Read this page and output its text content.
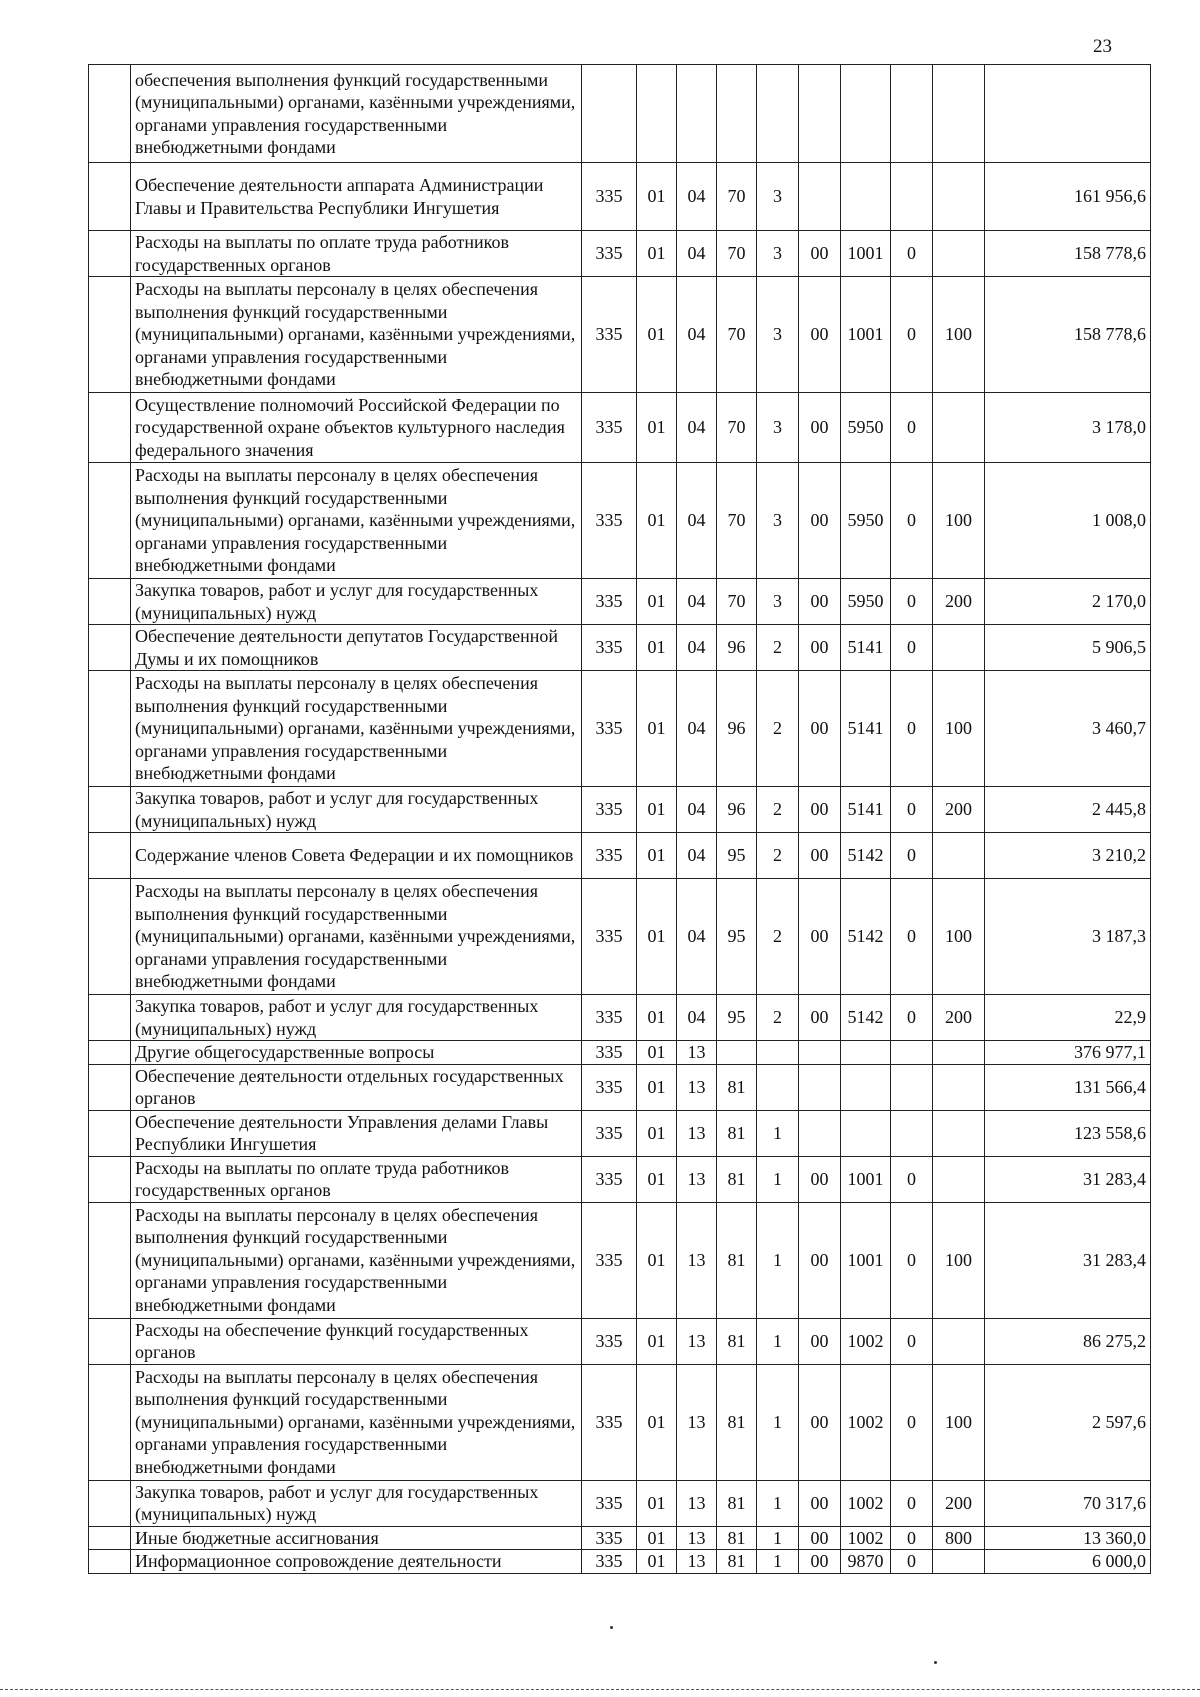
23
	обеспечения выполнения функций государственными (муниципальными) органами, казёнными учреждениями, органами управления государственными внебюджетными фондами										
	Обеспечение деятельности аппарата Администрации Главы и Правительства Республики Ингушетия	335	01	04	70	3					161 956,6
	Расходы на выплаты по оплате труда работников государственных органов	335	01	04	70	3	00	1001	0		158 778,6
	Расходы на выплаты персоналу в целях обеспечения выполнения функций государственными (муниципальными) органами, казёнными учреждениями, органами управления государственными внебюджетными фондами	335	01	04	70	3	00	1001	0	100	158 778,6
	Осуществление полномочий Российской Федерации по государственной охране объектов культурного наследия федерального значения	335	01	04	70	3	00	5950	0		3 178,0
	Расходы на выплаты персоналу в целях обеспечения выполнения функций государственными (муниципальными) органами, казёнными учреждениями, органами управления государственными внебюджетными фондами	335	01	04	70	3	00	5950	0	100	1 008,0
	Закупка товаров, работ и услуг для государственных (муниципальных) нужд	335	01	04	70	3	00	5950	0	200	2 170,0
	Обеспечение деятельности депутатов Государственной Думы и их помощников	335	01	04	96	2	00	5141	0		5 906,5
	Расходы на выплаты персоналу в целях обеспечения выполнения функций государственными (муниципальными) органами, казёнными учреждениями, органами управления государственными внебюджетными фондами	335	01	04	96	2	00	5141	0	100	3 460,7
	Закупка товаров, работ и услуг для государственных (муниципальных) нужд	335	01	04	96	2	00	5141	0	200	2 445,8
	Содержание членов Совета Федерации и их помощников	335	01	04	95	2	00	5142	0		3 210,2
	Расходы на выплаты персоналу в целях обеспечения выполнения функций государственными (муниципальными) органами, казёнными учреждениями, органами управления государственными внебюджетными фондами	335	01	04	95	2	00	5142	0	100	3 187,3
	Закупка товаров, работ и услуг для государственных (муниципальных) нужд	335	01	04	95	2	00	5142	0	200	22,9
	Другие общегосударственные вопросы	335	01	13							376 977,1
	Обеспечение деятельности отдельных государственных органов	335	01	13	81						131 566,4
	Обеспечение деятельности Управления делами Главы Республики Ингушетия	335	01	13	81	1					123 558,6
	Расходы на выплаты по оплате труда работников государственных органов	335	01	13	81	1	00	1001	0		31 283,4
	Расходы на выплаты персоналу в целях обеспечения выполнения функций государственными (муниципальными) органами, казёнными учреждениями, органами управления государственными внебюджетными фондами	335	01	13	81	1	00	1001	0	100	31 283,4
	Расходы на обеспечение функций государственных органов	335	01	13	81	1	00	1002	0		86 275,2
	Расходы на выплаты персоналу в целях обеспечения выполнения функций государственными (муниципальными) органами, казёнными учреждениями, органами управления государственными внебюджетными фондами	335	01	13	81	1	00	1002	0	100	2 597,6
	Закупка товаров, работ и услуг для государственных (муниципальных) нужд	335	01	13	81	1	00	1002	0	200	70 317,6
	Иные бюджетные ассигнования	335	01	13	81	1	00	1002	0	800	13 360,0
	Информационное сопровождение деятельности	335	01	13	81	1	00	9870	0		6 000,0
